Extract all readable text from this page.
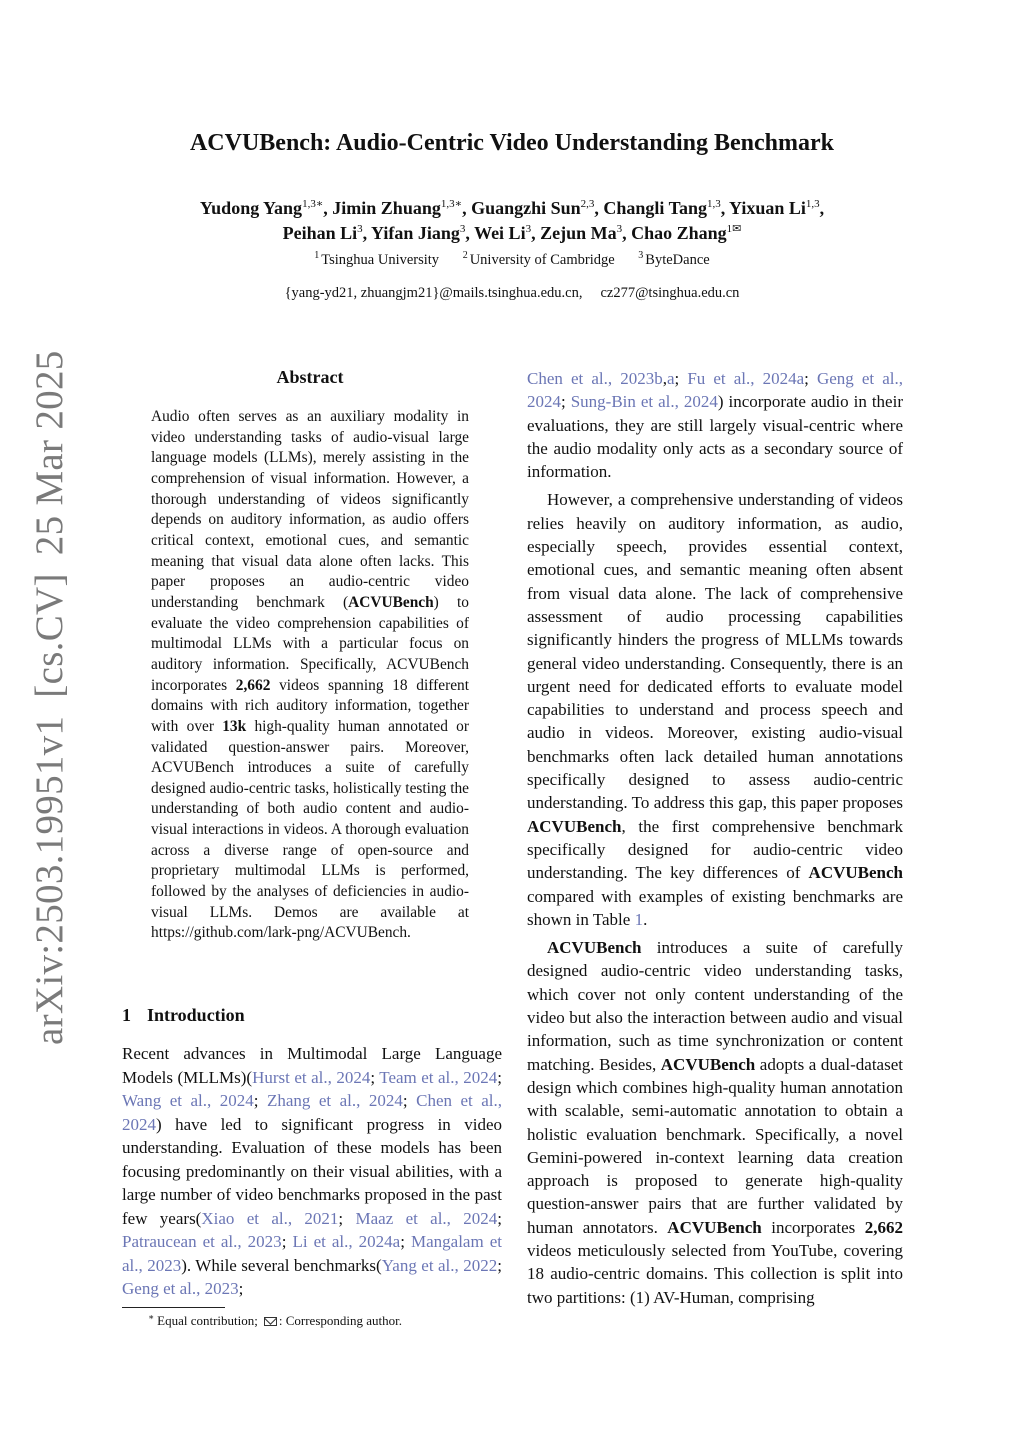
arXiv:2503.19951v1[cs.CV]25 Mar 2025
ACVUBench: Audio-Centric Video Understanding Benchmark
Yudong Yang$^{1,3∗}$, Jimin Zhuang$^{1,3∗}$, Guangzhi Sun$^{2,3}$, Changli Tang$^{1,3}$, Yixuan Li$^{1,3}$,
Peihan Li$^3$, Yifan Jiang$^3$, Wei Li$^3$, Zejun Ma$^3$, Chao Zhang$^{1✉}$
$^1$ Tsinghua University $^2$ University of Cambridge $^3$ ByteDance
{yang-yd21, zhuangjm21}@mails.tsinghua.edu.cn, cz277@tsinghua.edu.cn
Abstract

Audio often serves as an auxiliary modality in video understanding tasks of audio-visual large language models (LLMs), merely assisting in the comprehension of visual information. However, a thorough understanding of videos significantly depends on auditory information, as audio offers critical context, emotional cues, and semantic meaning that visual data alone often lacks. This paper proposes an audio-centric video understanding benchmark (ACVUBench) to evaluate the video comprehension capabilities of multimodal LLMs with a particular focus on auditory information. Specifically, ACVUBench incorporates 2,662 videos spanning 18 different domains with rich auditory information, together with over 13k high-quality human annotated or validated question-answer pairs. Moreover, ACVUBench introduces a suite of carefully designed audio-centric tasks, holistically testing the understanding of both audio content and audio-visual interactions in videos. A thorough evaluation across a diverse range of open-source and proprietary multimodal LLMs is performed, followed by the analyses of deficiencies in audio-visual LLMs. Demos are available at https://github.com/lark-png/ACVUBench.

1 Introduction

Recent advances in Multimodal Large Language Models (MLLMs)(Hurst et al., 2024; Team et al., 2024; Wang et al., 2024; Zhang et al., 2024; Chen et al., 2024) have led to significant progress in video understanding. Evaluation of these models has been focusing predominantly on their visual abilities, with a large number of video benchmarks proposed in the past few years(Xiao et al., 2021; Maaz et al., 2024; Patraucean et al., 2023; Li et al., 2024a; Mangalam et al., 2023). While several benchmarks(Yang et al., 2022; Geng et al., 2023;

Chen et al., 2023b,a; Fu et al., 2024a; Geng et al., 2024; Sung-Bin et al., 2024) incorporate audio in their evaluations, they are still largely visual-centric where the audio modality only acts as a secondary source of information.

However, a comprehensive understanding of videos relies heavily on auditory information, as audio, especially speech, provides essential context, emotional cues, and semantic meaning often absent from visual data alone. The lack of comprehensive assessment of audio processing capabilities significantly hinders the progress of MLLMs towards general video understanding. Consequently, there is an urgent need for dedicated efforts to evaluate model capabilities to understand and process speech and audio in videos. Moreover, existing audio-visual benchmarks often lack detailed human annotations specifically designed to assess audio-centric understanding. To address this gap, this paper proposes ACVUBench, the first comprehensive benchmark specifically designed for audio-centric video understanding. The key differences of ACVUBench compared with examples of existing benchmarks are shown in Table 1.

ACVUBench introduces a suite of carefully designed audio-centric video understanding tasks, which cover not only content understanding of the video but also the interaction between audio and visual information, such as time synchronization or content matching. Besides, ACVUBench adopts a dual-dataset design which combines high-quality human annotation with scalable, semi-automatic annotation to obtain a holistic evaluation benchmark. Specifically, a novel Gemini-powered in-context learning data creation approach is proposed to generate high-quality question-answer pairs that are further validated by human annotators. ACVUBench incorporates 2,662 videos meticulously selected from YouTube, covering 18 audio-centric domains. This collection is split into two partitions: (1) AV-Human, comprising

∗ Equal contribution; : Corresponding author.
